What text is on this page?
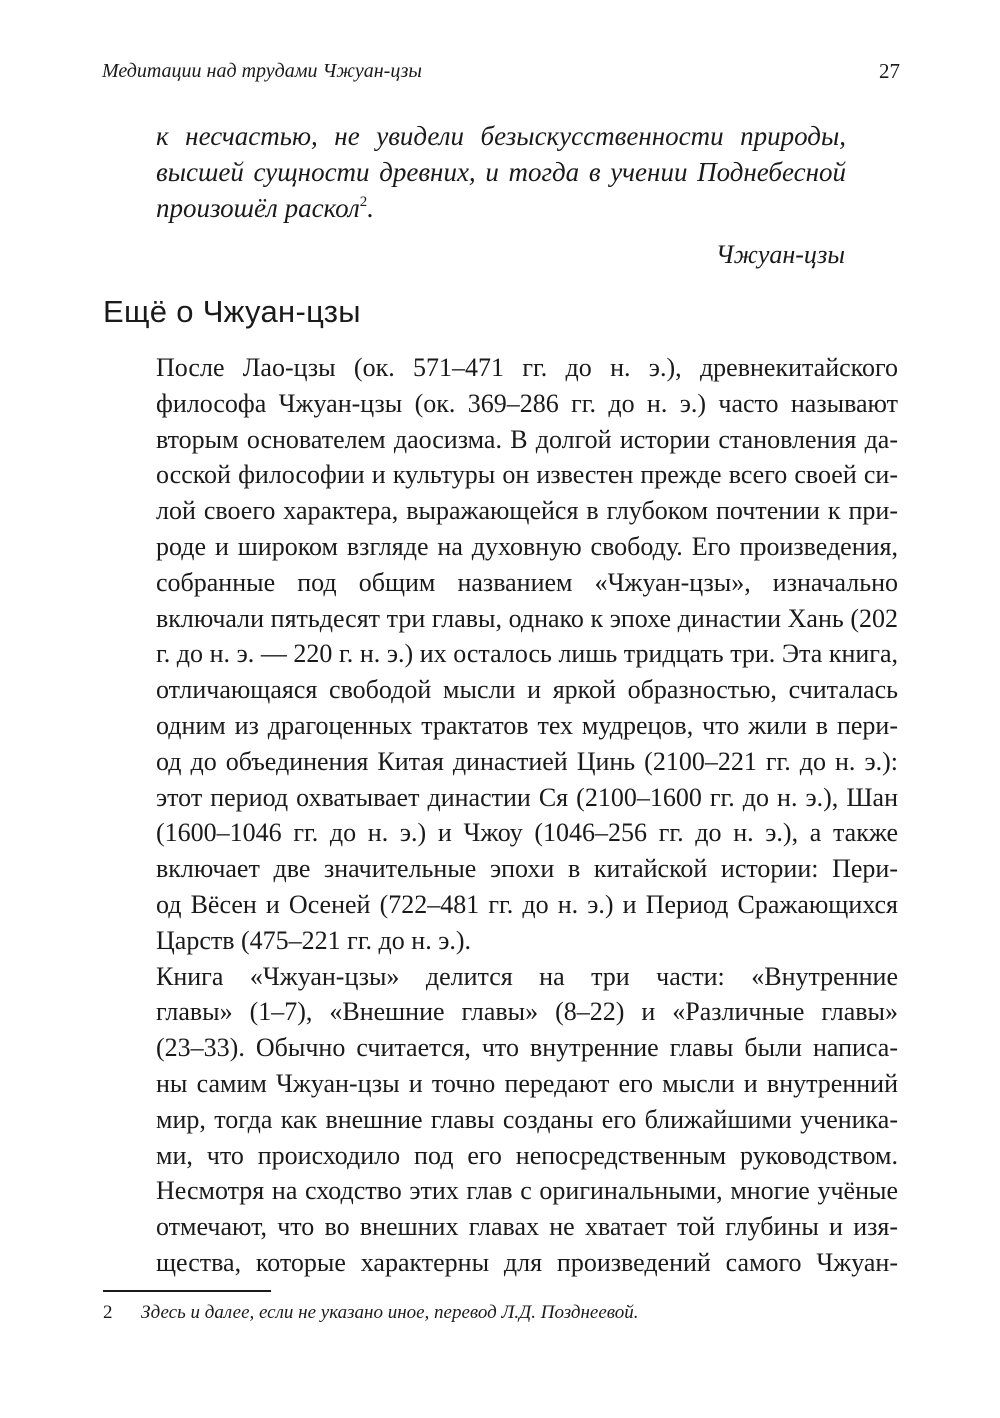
Медитации над трудами Чжуан-цзы	27

к несчастью, не увидели безыскусственности природы,
высшей сущности древних, и тогда в учении Поднебесной
произошёл раскол$^2$.

Чжуан-цзы
Ещё о Чжуан-цзы

После Лао-цзы (ок. 571–471 гг. до н. э.), древнекитайского
философа Чжуан-цзы (ок. 369–286 гг. до н. э.) часто называют
вторым основателем даосизма. В долгой истории становления да-
осской философии и культуры он известен прежде всего своей си-
лой своего характера, выражающейся в глубоком почтении к при-
роде и широком взгляде на духовную свободу. Его произведения,
собранные под общим названием «Чжуан-цзы», изначально
включали пятьдесят три главы, однако к эпохе династии Хань (202
г. до н. э. — 220 г. н. э.) их осталось лишь тридцать три. Эта книга,
отличающаяся свободой мысли и яркой образностью, считалась
одним из драгоценных трактатов тех мудрецов, что жили в пери-
од до объединения Китая династией Цинь (2100–221 гг. до н. э.):
этот период охватывает династии Ся (2100–1600 гг. до н. э.), Шан
(1600–1046 гг. до н. э.) и Чжоу (1046–256 гг. до н. э.), а также
включает две значительные эпохи в китайской истории: Пери-
од Вёсен и Осеней (722–481 гг. до н. э.) и Период Сражающихся
Царств (475–221 гг. до н. э.).

Книга «Чжуан-цзы» делится на три части: «Внутренние
главы» (1–7), «Внешние главы» (8–22) и «Различные главы»
(23–33). Обычно считается, что внутренние главы были написа-
ны самим Чжуан-цзы и точно передают его мысли и внутренний
мир, тогда как внешние главы созданы его ближайшими ученика-
ми, что происходило под его непосредственным руководством.
Несмотря на сходство этих глав с оригинальными, многие учёные
отмечают, что во внешних главах не хватает той глубины и изя-
щества, которые характерны для произведений самого Чжуан-

2 Здесь и далее, если не указано иное, перевод Л.Д. Позднеевой.
